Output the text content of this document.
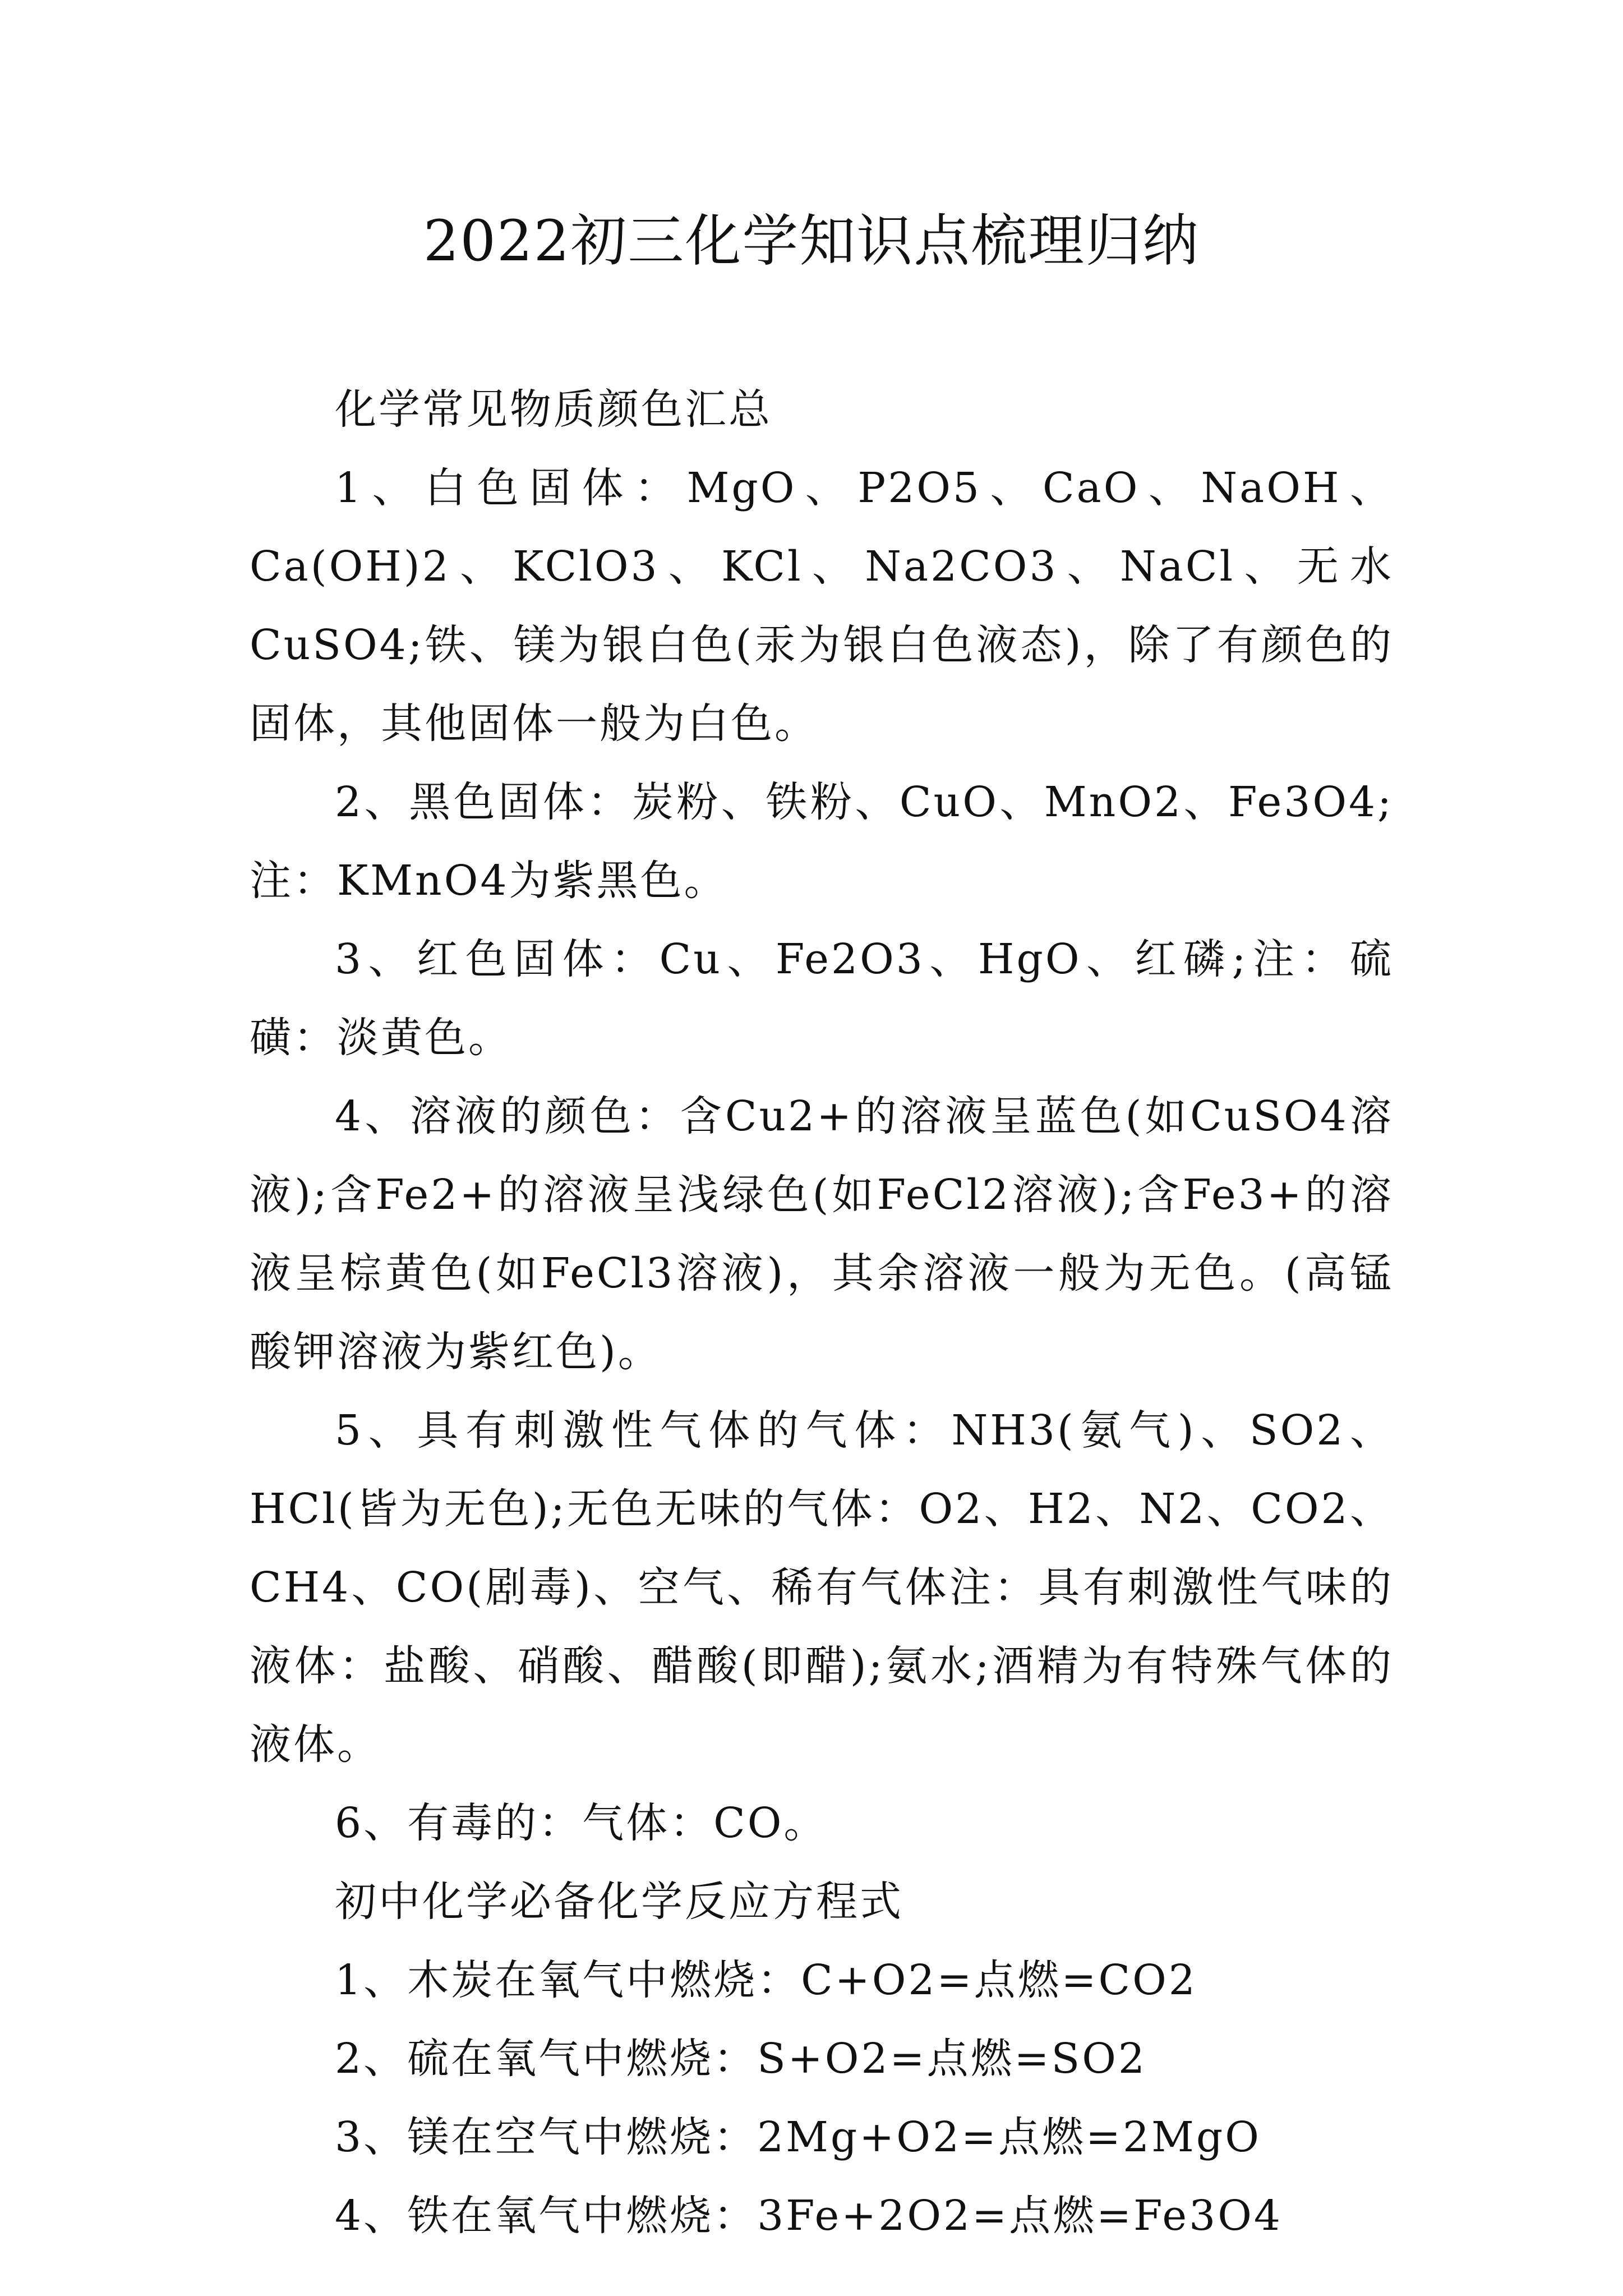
2022初三化学知识点梳理归纳

化学常见物质颜色汇总

1、白色固体：MgO、P2O5、CaO、NaOH、Ca(OH)2、KClO3、KCl、Na2CO3、NaCl、无水CuSO4;铁、镁为银白色(汞为银白色液态)，除了有颜色的固体，其他固体一般为白色。

2、黑色固体：炭粉、铁粉、CuO、MnO2、Fe3O4;注：KMnO4为紫黑色。

3、红色固体：Cu、Fe2O3、HgO、红磷;注：硫磺：淡黄色。

4、溶液的颜色：含Cu2+的溶液呈蓝色(如CuSO4溶液);含Fe2+的溶液呈浅绿色(如FeCl2溶液);含Fe3+的溶液呈棕黄色(如FeCl3溶液)，其余溶液一般为无色。(高锰酸钾溶液为紫红色)。

5、具有刺激性气体的气体：NH3(氨气)、SO2、HCl(皆为无色);无色无味的气体：O2、H2、N2、CO2、CH4、CO(剧毒)、空气、稀有气体注：具有刺激性气味的液体：盐酸、硝酸、醋酸(即醋);氨水;酒精为有特殊气体的液体。

6、有毒的：气体：CO。

初中化学必备化学反应方程式

1、木炭在氧气中燃烧：C+O2=点燃=CO2

2、硫在氧气中燃烧：S+O2=点燃=SO2

3、镁在空气中燃烧：2Mg+O2=点燃=2MgO

4、铁在氧气中燃烧：3Fe+2O2=点燃=Fe3O4
